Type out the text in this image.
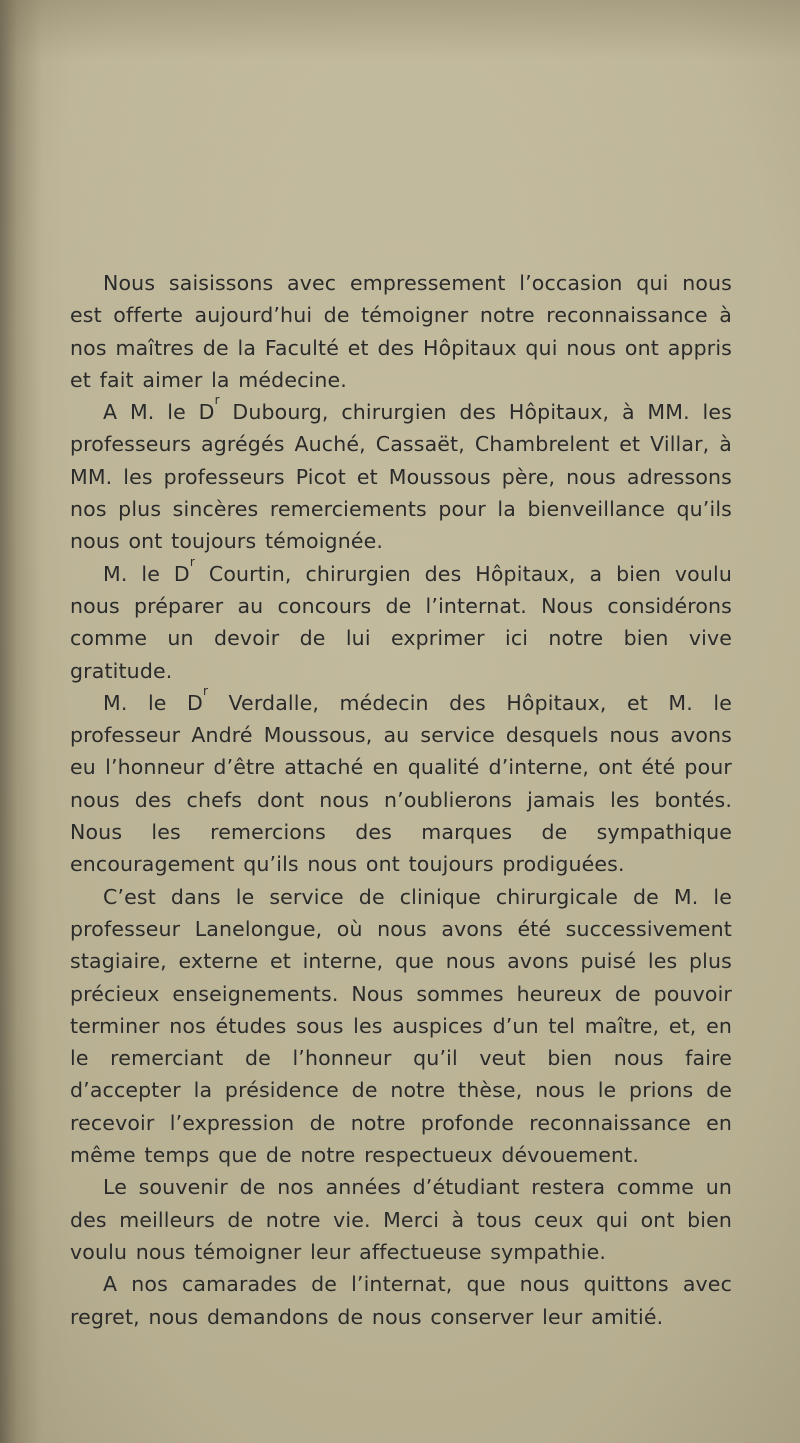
Nous saisissons avec empressement l’occasion qui nous est offerte aujourd’hui de témoigner notre reconnaissance à nos maîtres de la Faculté et des Hôpitaux qui nous ont appris et fait aimer la médecine.

A M. le $D^r$ Dubourg, chirurgien des Hôpitaux, à MM. les professeurs agrégés Auché, Cassaët, Chambrelent et Villar, à MM. les professeurs Picot et Moussous père, nous adressons nos plus sincères remerciements pour la bienveillance qu’ils nous ont toujours témoignée.

M. le $D^r$ Courtin, chirurgien des Hôpitaux, a bien voulu nous préparer au concours de l’internat. Nous considérons comme un devoir de lui exprimer ici notre bien vive gratitude.

M. le $D^r$ Verdalle, médecin des Hôpitaux, et M. le professeur André Moussous, au service desquels nous avons eu l’honneur d’être attaché en qualité d’interne, ont été pour nous des chefs dont nous n’oublierons jamais les bontés. Nous les remercions des marques de sympathique encouragement qu’ils nous ont toujours prodiguées.

C’est dans le service de clinique chirurgicale de M. le professeur Lanelongue, où nous avons été successivement stagiaire, externe et interne, que nous avons puisé les plus précieux enseignements. Nous sommes heureux de pouvoir terminer nos études sous les auspices d’un tel maître, et, en le remerciant de l’honneur qu’il veut bien nous faire d’accepter la présidence de notre thèse, nous le prions de recevoir l’expression de notre profonde reconnaissance en même temps que de notre respectueux dévouement.

Le souvenir de nos années d’étudiant restera comme un des meilleurs de notre vie. Merci à tous ceux qui ont bien voulu nous témoigner leur affectueuse sympathie.

A nos camarades de l’internat, que nous quittons avec regret, nous demandons de nous conserver leur amitié.
